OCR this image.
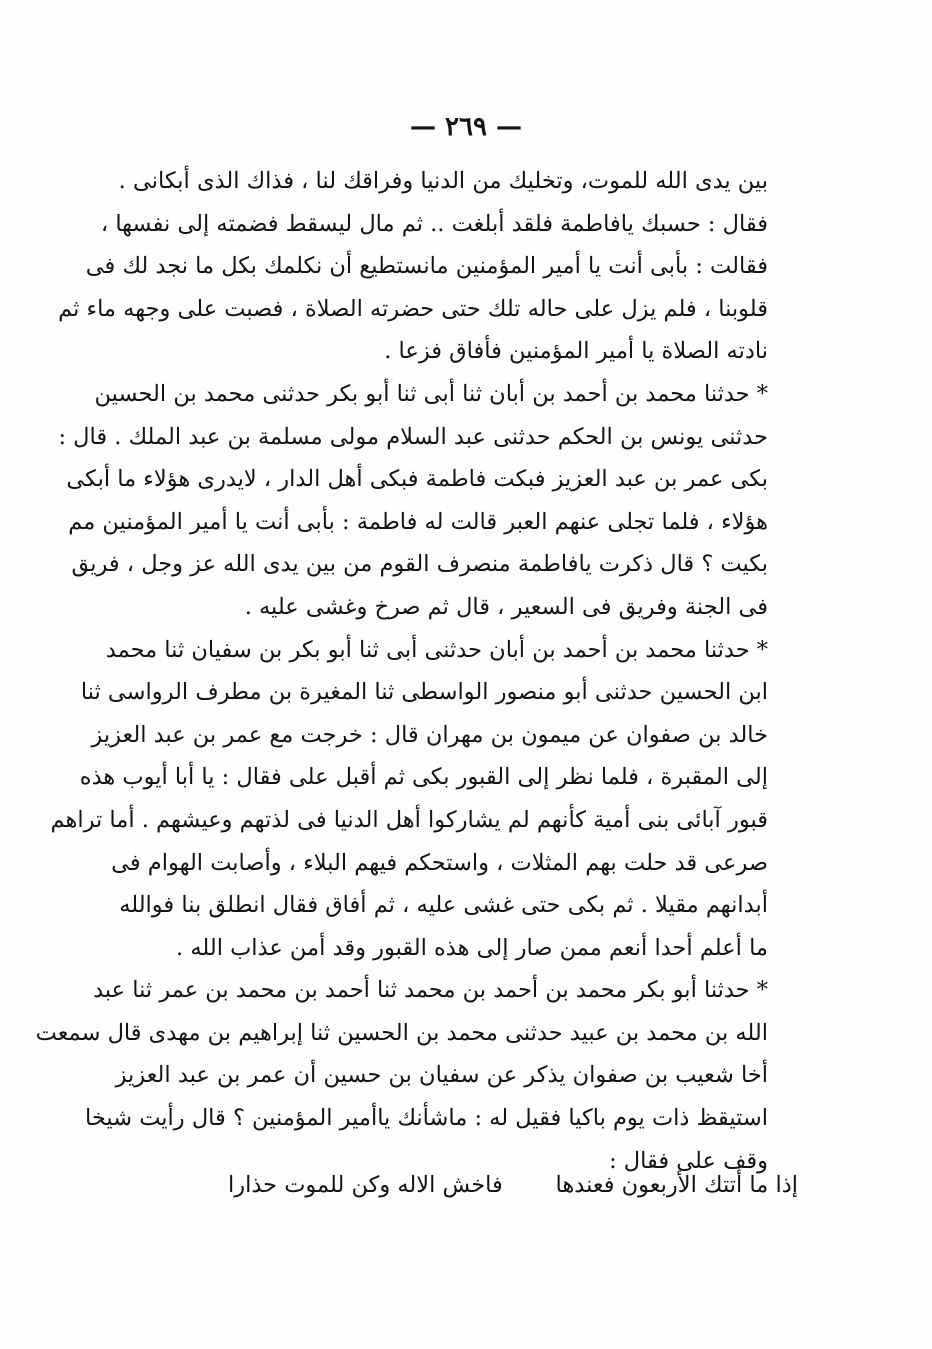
— ٢٦٩ —
بين يدى الله للموت، وتخليك من الدنيا وفراقك لنا ، فذاك الذى أبكانى .
فقال : حسبك يافاطمة فلقد أبلغت .. ثم مال ليسقط فضمته إلى نفسها ،
فقالت : بأبى أنت يا أمير المؤمنين مانستطيع أن نكلمك بكل ما نجد لك فى
قلوبنا ، فلم يزل على حاله تلك حتى حضرته الصلاة ، فصبت على وجهه ماء ثم
نادته الصلاة يا أمير المؤمنين فأفاق فزعا .
* حدثنا محمد بن أحمد بن أبان ثنا أبى ثنا أبو بكر حدثنى محمد بن الحسين
حدثنى يونس بن الحكم حدثنى عبد السلام مولى مسلمة بن عبد الملك . قال :
بكى عمر بن عبد العزيز فبكت فاطمة فبكى أهل الدار ، لايدرى هؤلاء ما أبكى
هؤلاء ، فلما تجلى عنهم العبر قالت له فاطمة : بأبى أنت يا أمير المؤمنين مم
بكيت ؟ قال ذكرت يافاطمة منصرف القوم من بين يدى الله عز وجل ، فريق
فى الجنة وفريق فى السعير ، قال ثم صرخ وغشى عليه .
* حدثنا محمد بن أحمد بن أبان حدثنى أبى ثنا أبو بكر بن سفيان ثنا محمد
ابن الحسين حدثنى أبو منصور الواسطى ثنا المغيرة بن مطرف الرواسى ثنا
خالد بن صفوان عن ميمون بن مهران قال : خرجت مع عمر بن عبد العزيز
إلى المقبرة ، فلما نظر إلى القبور بكى ثم أقبل على فقال : يا أبا أيوب هذه
قبور آبائى بنى أمية كأنهم لم يشاركوا أهل الدنيا فى لذتهم وعيشهم . أما تراهم
صرعى قد حلت بهم المثلات ، واستحكم فيهم البلاء ، وأصابت الهوام فى
أبدانهم مقيلا . ثم بكى حتى غشى عليه ، ثم أفاق فقال انطلق بنا فوالله
ما أعلم أحدا أنعم ممن صار إلى هذه القبور وقد أمن عذاب الله .
* حدثنا أبو بكر محمد بن أحمد بن محمد ثنا أحمد بن محمد بن عمر ثنا عبد
الله بن محمد بن عبيد حدثنى محمد بن الحسين ثنا إبراهيم بن مهدى قال سمعت
أخا شعيب بن صفوان يذكر عن سفيان بن حسين أن عمر بن عبد العزيز
استيقظ ذات يوم باكيا فقيل له : ماشأنك ياأمير المؤمنين ؟ قال رأيت شيخا
وقف على فقال :
إذا ما أتتك الأربعون فعندها
فاخش الاله وكن للموت حذارا
